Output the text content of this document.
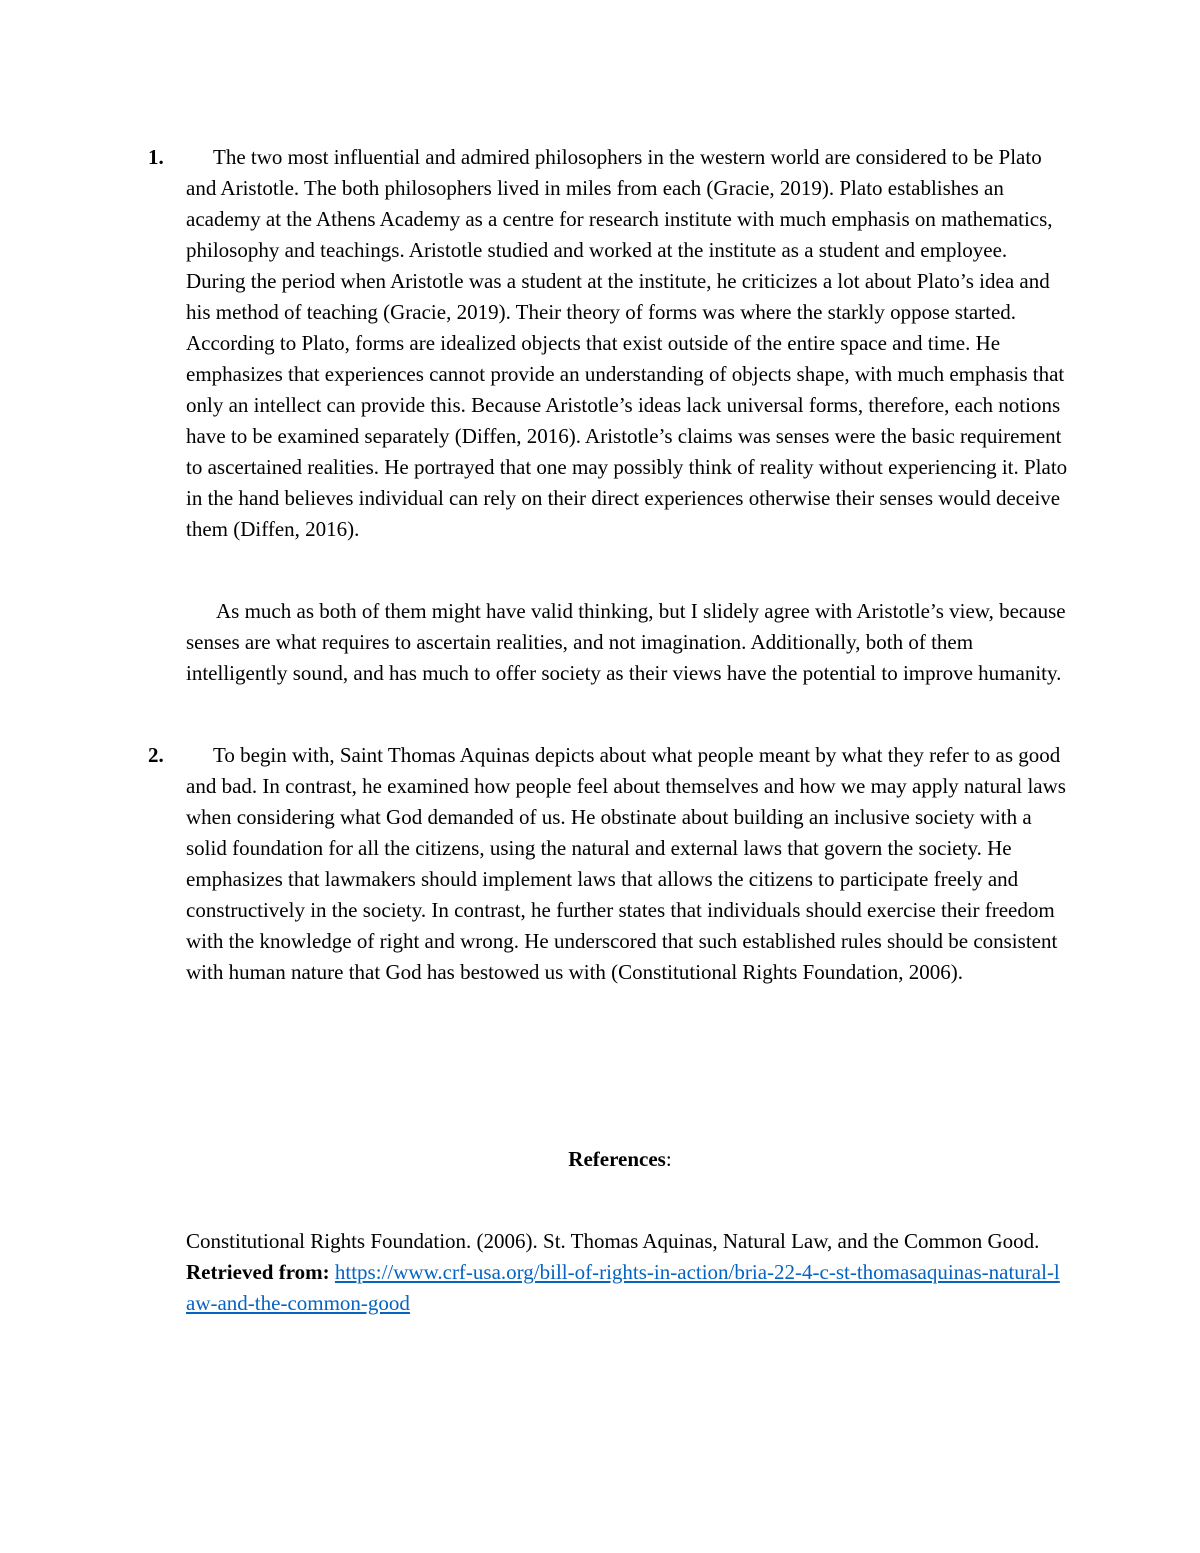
1.	The two most influential and admired philosophers in the western world are considered to be Plato and Aristotle. The both philosophers lived in miles from each (Gracie, 2019). Plato establishes an academy at the Athens Academy as a centre for research institute with much emphasis on mathematics, philosophy and teachings. Aristotle studied and worked at the institute as a student and employee. During the period when Aristotle was a student at the institute, he criticizes a lot about Plato’s idea and his method of teaching (Gracie, 2019). Their theory of forms was where the starkly oppose started. According to Plato, forms are idealized objects that exist outside of the entire space and time. He emphasizes that experiences cannot provide an understanding of objects shape, with much emphasis that only an intellect can provide this. Because Aristotle’s ideas lack universal forms, therefore, each notions have to be examined separately (Diffen, 2016). Aristotle’s claims was senses were the basic requirement to ascertained realities. He portrayed that one may possibly think of reality without experiencing it. Plato in the hand believes individual can rely on their direct experiences otherwise their senses would deceive them (Diffen, 2016).
As much as both of them might have valid thinking, but I slidely agree with Aristotle’s view, because senses are what requires to ascertain realities, and not imagination. Additionally, both of them intelligently sound, and has much to offer society as their views have the potential to improve humanity.
2.	To begin with, Saint Thomas Aquinas depicts about what people meant by what they refer to as good and bad. In contrast, he examined how people feel about themselves and how we may apply natural laws when considering what God demanded of us. He obstinate about building an inclusive society with a solid foundation for all the citizens, using the natural and external laws that govern the society. He emphasizes that lawmakers should implement laws that allows the citizens to participate freely and constructively in the society. In contrast, he further states that individuals should exercise their freedom with the knowledge of right and wrong. He underscored that such established rules should be consistent with human nature that God has bestowed us with (Constitutional Rights Foundation, 2006).
References:
Constitutional Rights Foundation. (2006). St. Thomas Aquinas, Natural Law, and the Common Good. Retrieved from: https://www.crf-usa.org/bill-of-rights-in-action/bria-22-4-c-st-thomasaquinas-natural-law-and-the-common-good
